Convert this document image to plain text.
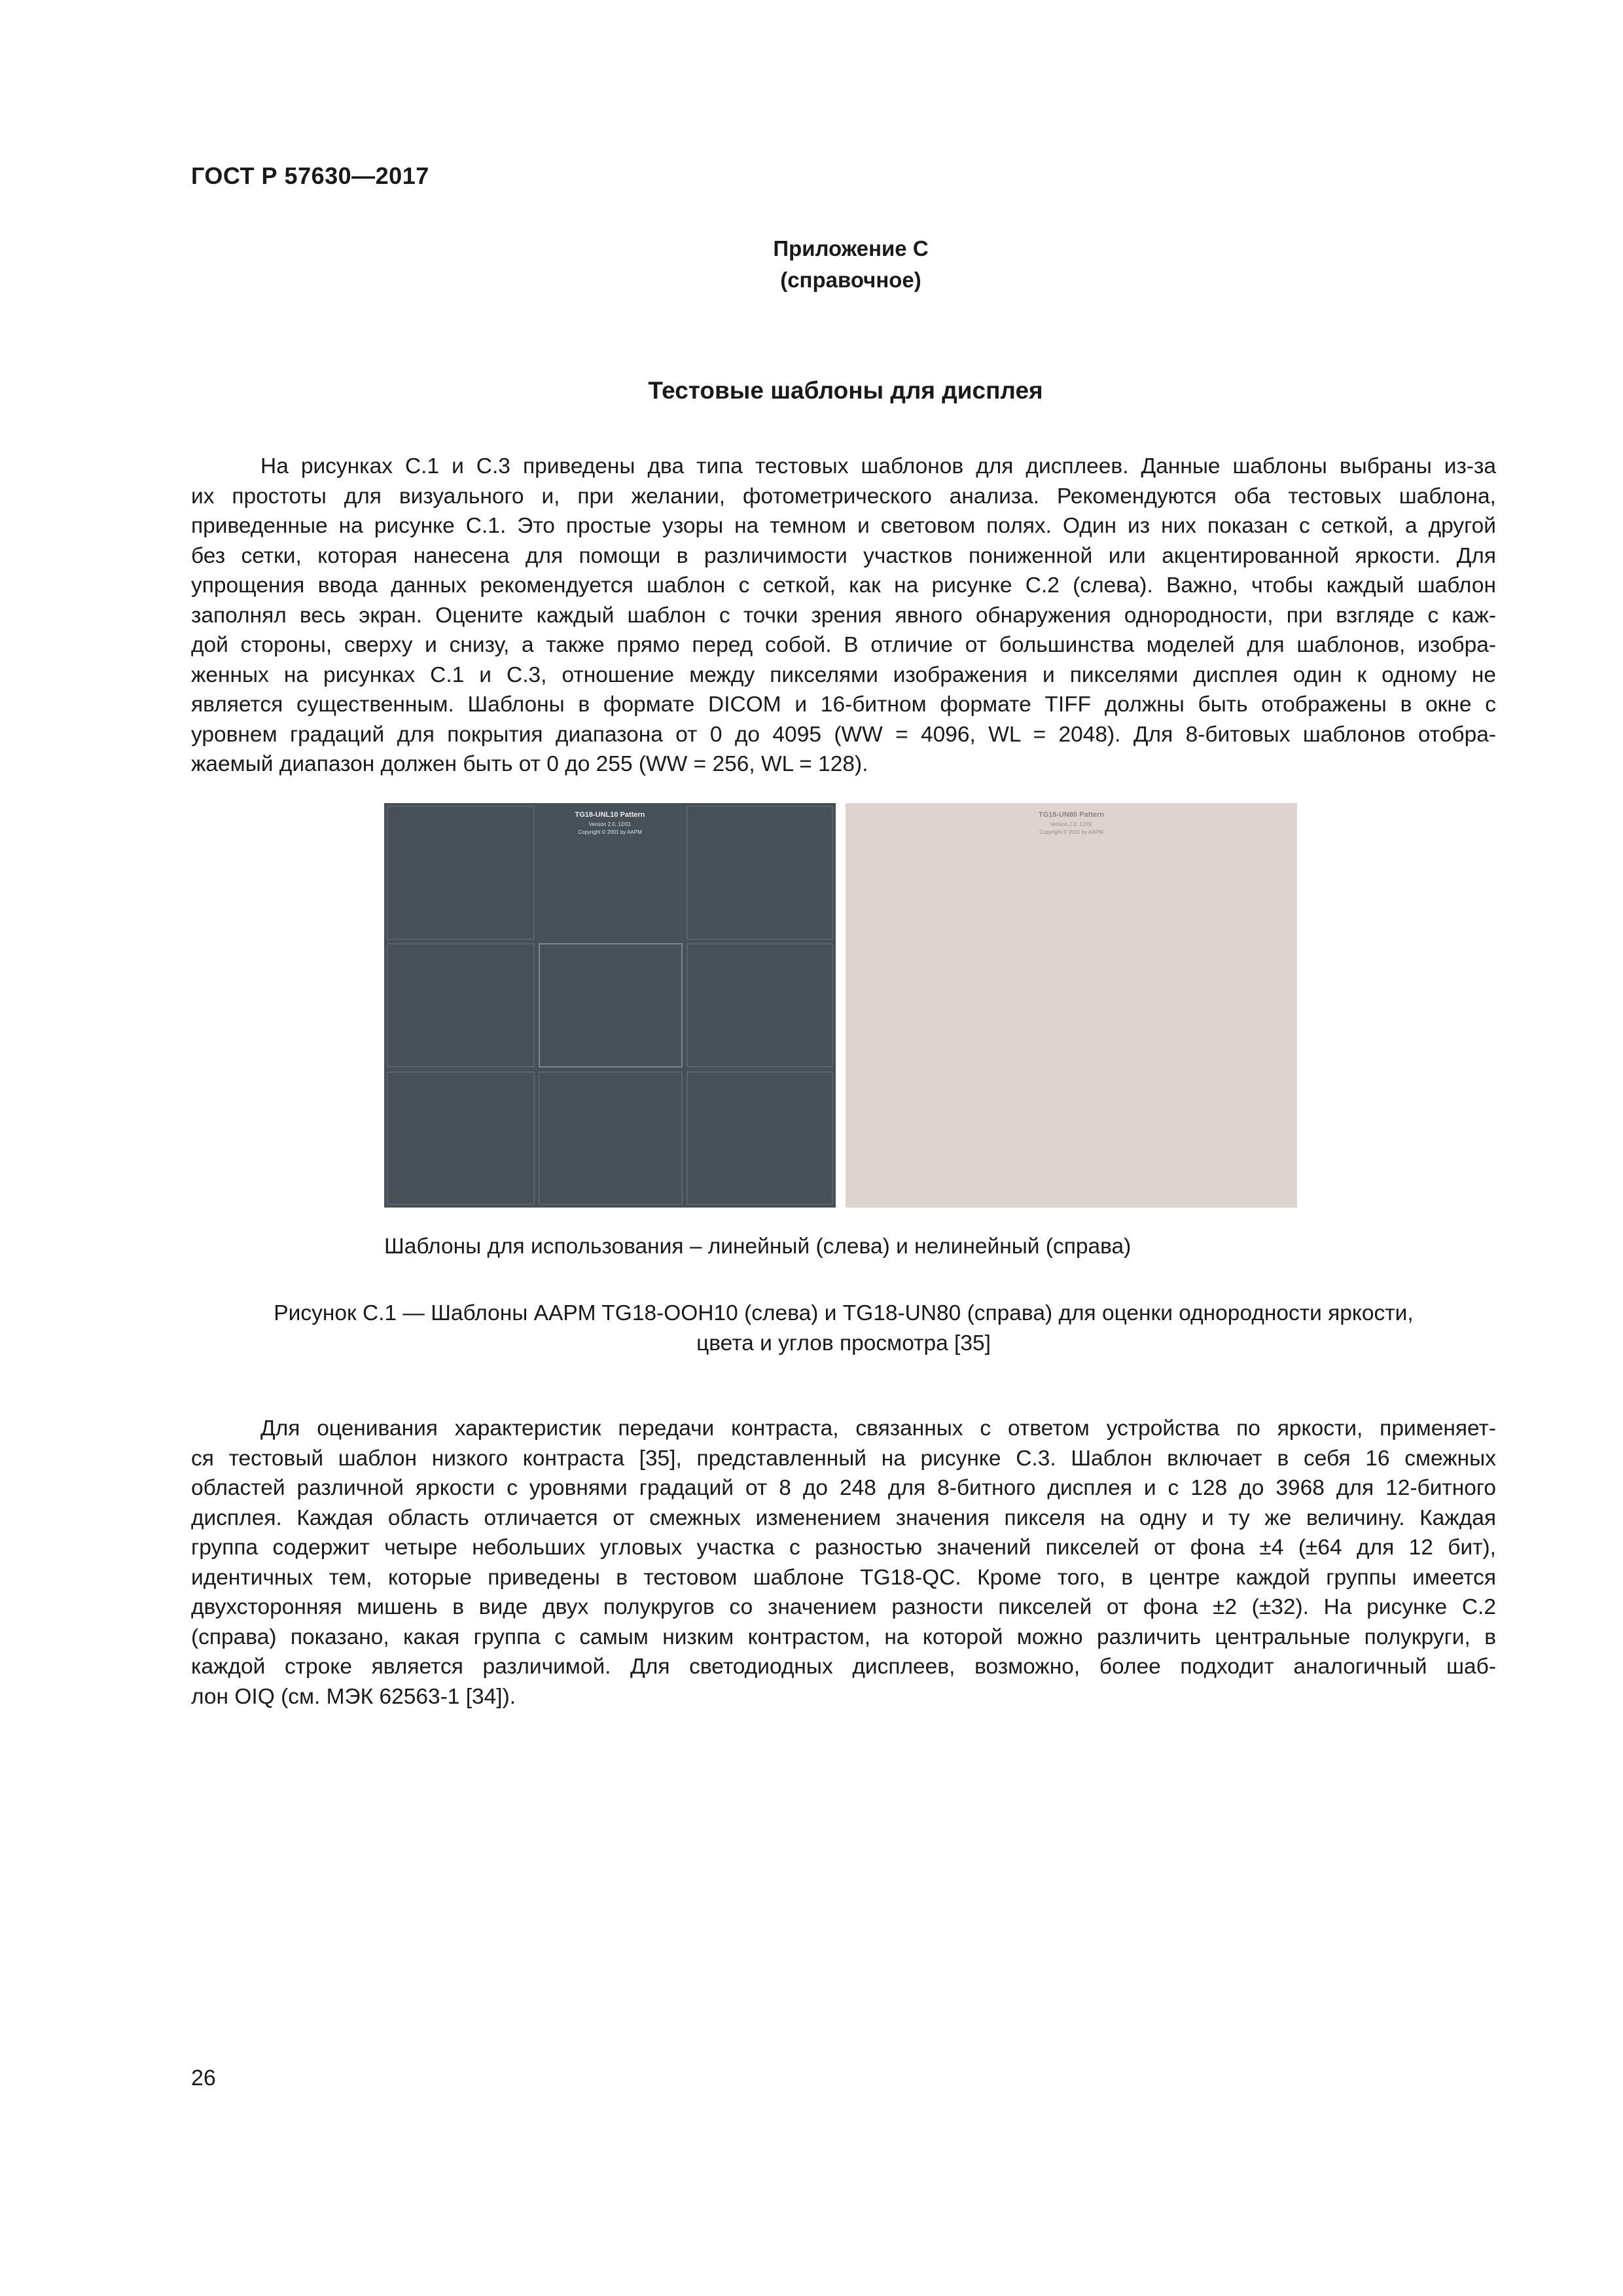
ГОСТ Р 57630—2017
Приложение С
(справочное)
Тестовые шаблоны для дисплея
На рисунках С.1 и С.3 приведены два типа тестовых шаблонов для дисплеев. Данные шаблоны выбраны из-за
их простоты для визуального и, при желании, фотометрического анализа. Рекомендуются оба тестовых шаблона,
приведенные на рисунке С.1. Это простые узоры на темном и световом полях. Один из них показан с сеткой, а другой
без сетки, которая нанесена для помощи в различимости участков пониженной или акцентированной яркости. Для
упрощения ввода данных рекомендуется шаблон с сеткой, как на рисунке С.2 (слева). Важно, чтобы каждый шаблон
заполнял весь экран. Оцените каждый шаблон с точки зрения явного обнаружения однородности, при взгляде с каж-
дой стороны, сверху и снизу, а также прямо перед собой. В отличие от большинства моделей для шаблонов, изобра-
женных на рисунках С.1 и С.3, отношение между пикселями изображения и пикселями дисплея один к одному не
является существенным. Шаблоны в формате DICOM и 16-битном формате TIFF должны быть отображены в окне с
уровнем градаций для покрытия диапазона от 0 до 4095 (WW = 4096, WL = 2048). Для 8-битовых шаблонов отобра-
жаемый диапазон должен быть от 0 до 255 (WW = 256, WL = 128).
TG18-UNL10 Pattern
Version 2.0, 12/01
Copyright © 2001 by AAPM
TG18-UN80 Pattern
Version 2.0, 12/01
Copyright © 2001 by AAPM
Шаблоны для использования – линейный (слева) и нелинейный (справа)
Рисунок С.1 — Шаблоны AAPM TG18-OOH10 (слева) и TG18-UN80 (справа) для оценки однородности яркости,
цвета и углов просмотра [35]
Для оценивания характеристик передачи контраста, связанных с ответом устройства по яркости, применяет-
ся тестовый шаблон низкого контраста [35], представленный на рисунке С.3. Шаблон включает в себя 16 смежных
областей различной яркости с уровнями градаций от 8 до 248 для 8-битного дисплея и с 128 до 3968 для 12-битного
дисплея. Каждая область отличается от смежных изменением значения пикселя на одну и ту же величину. Каждая
группа содержит четыре небольших угловых участка с разностью значений пикселей от фона ±4 (±64 для 12 бит),
идентичных тем, которые приведены в тестовом шаблоне TG18-QC. Кроме того, в центре каждой группы имеется
двухсторонняя мишень в виде двух полукругов со значением разности пикселей от фона ±2 (±32). На рисунке С.2
(справа) показано, какая группа с самым низким контрастом, на которой можно различить центральные полукруги, в
каждой строке является различимой. Для светодиодных дисплеев, возможно, более подходит аналогичный шаб-
лон OIQ (см. МЭК 62563-1 [34]).
26
